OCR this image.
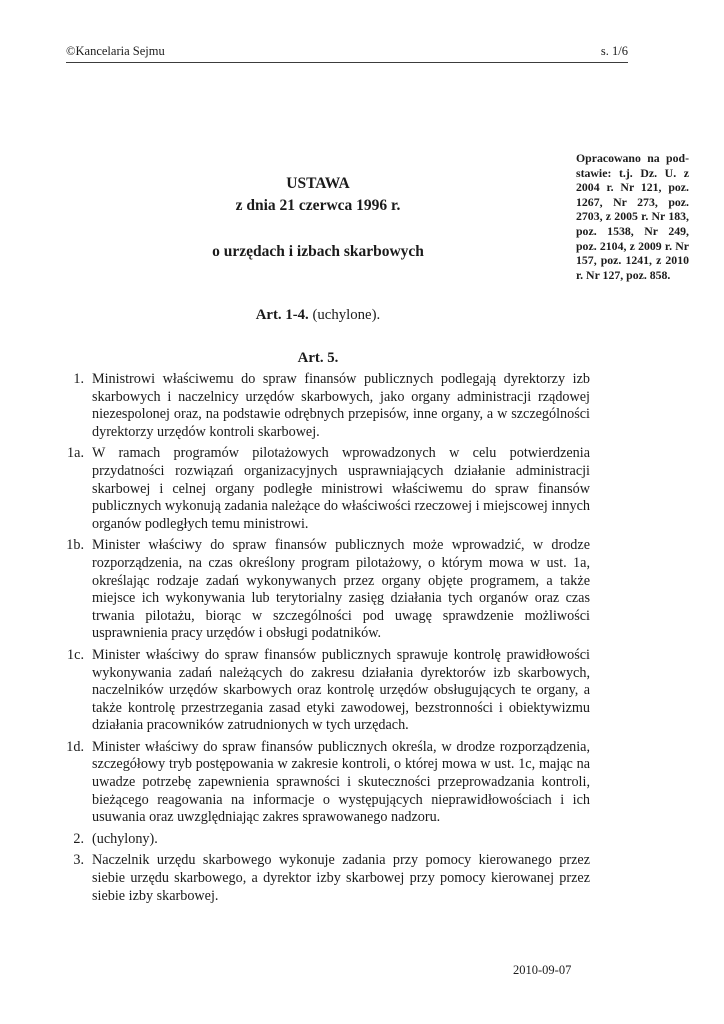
©Kancelaria Sejmu	s. 1/6
Opracowano na podstawie: t.j. Dz. U. z 2004 r. Nr 121, poz. 1267, Nr 273, poz. 2703, z 2005 r. Nr 183, poz. 1538, Nr 249, poz. 2104, z 2009 r. Nr 157, poz. 1241, z 2010 r. Nr 127, poz. 858.
USTAWA
z dnia 21 czerwca 1996 r.
o urzędach i izbach skarbowych
Art. 1-4. (uchylone).
Art. 5.
1. Ministrowi właściwemu do spraw finansów publicznych podlegają dyrektorzy izb skarbowych i naczelnicy urzędów skarbowych, jako organy administracji rządowej niezespolonej oraz, na podstawie odrębnych przepisów, inne organy, a w szczególności dyrektorzy urzędów kontroli skarbowej.
1a. W ramach programów pilotażowych wprowadzonych w celu potwierdzenia przydatności rozwiązań organizacyjnych usprawniających działanie administracji skarbowej i celnej organy podległe ministrowi właściwemu do spraw finansów publicznych wykonują zadania należące do właściwości rzeczowej i miejscowej innych organów podległych temu ministrowi.
1b. Minister właściwy do spraw finansów publicznych może wprowadzić, w drodze rozporządzenia, na czas określony program pilotażowy, o którym mowa w ust. 1a, określając rodzaje zadań wykonywanych przez organy objęte programem, a także miejsce ich wykonywania lub terytorialny zasięg działania tych organów oraz czas trwania pilotażu, biorąc w szczególności pod uwagę sprawdzenie możliwości usprawnienia pracy urzędów i obsługi podatników.
1c. Minister właściwy do spraw finansów publicznych sprawuje kontrolę prawidłowości wykonywania zadań należących do zakresu działania dyrektorów izb skarbowych, naczelników urzędów skarbowych oraz kontrolę urzędów obsługujących te organy, a także kontrolę przestrzegania zasad etyki zawodowej, bezstronności i obiektywizmu działania pracowników zatrudnionych w tych urzędach.
1d. Minister właściwy do spraw finansów publicznych określa, w drodze rozporządzenia, szczegółowy tryb postępowania w zakresie kontroli, o której mowa w ust. 1c, mając na uwadze potrzebę zapewnienia sprawności i skuteczności przeprowadzania kontroli, bieżącego reagowania na informacje o występujących nieprawidłowościach i ich usuwania oraz uwzględniając zakres sprawowanego nadzoru.
2. (uchylony).
3. Naczelnik urzędu skarbowego wykonuje zadania przy pomocy kierowanego przez siebie urzędu skarbowego, a dyrektor izby skarbowej przy pomocy kierowanej przez siebie izby skarbowej.
2010-09-07
